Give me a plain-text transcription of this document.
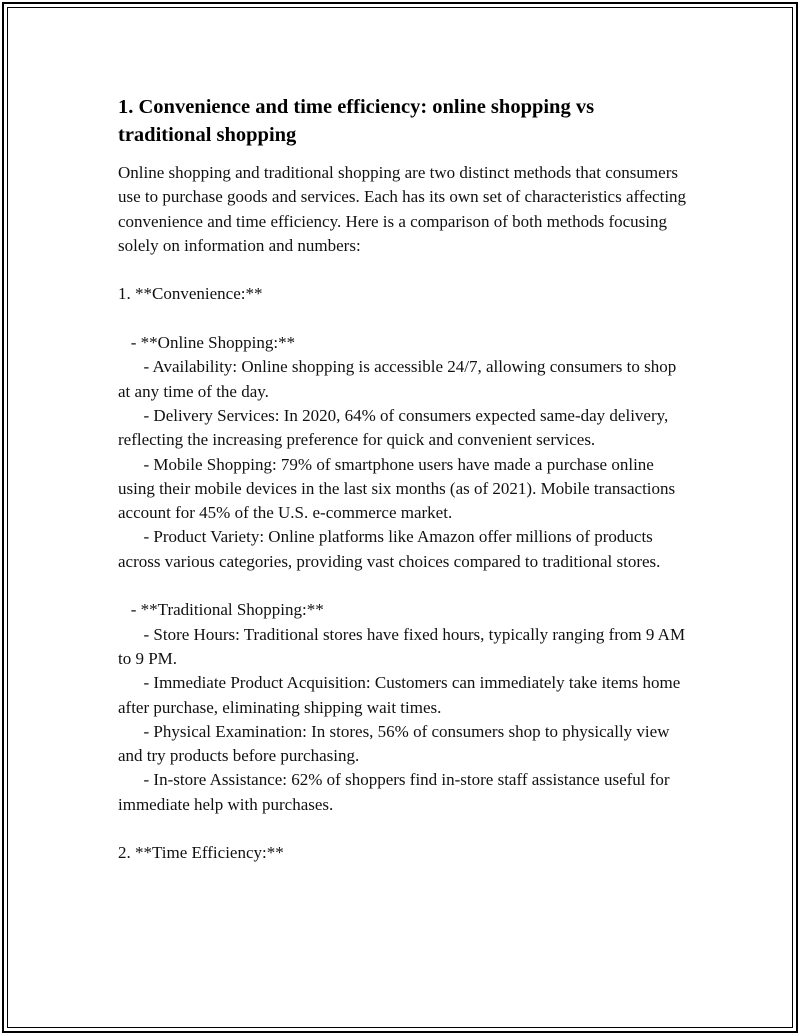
1. Convenience and time efficiency: online shopping vs traditional shopping
Online shopping and traditional shopping are two distinct methods that consumers use to purchase goods and services. Each has its own set of characteristics affecting convenience and time efficiency. Here is a comparison of both methods focusing solely on information and numbers:

1. **Convenience:**

- **Online Shopping:**
- Availability: Online shopping is accessible 24/7, allowing consumers to shop at any time of the day.
- Delivery Services: In 2020, 64% of consumers expected same-day delivery, reflecting the increasing preference for quick and convenient services.
- Mobile Shopping: 79% of smartphone users have made a purchase online using their mobile devices in the last six months (as of 2021). Mobile transactions account for 45% of the U.S. e-commerce market.
- Product Variety: Online platforms like Amazon offer millions of products across various categories, providing vast choices compared to traditional stores.

- **Traditional Shopping:**
- Store Hours: Traditional stores have fixed hours, typically ranging from 9 AM to 9 PM.
- Immediate Product Acquisition: Customers can immediately take items home after purchase, eliminating shipping wait times.
- Physical Examination: In stores, 56% of consumers shop to physically view and try products before purchasing.
- In-store Assistance: 62% of shoppers find in-store staff assistance useful for immediate help with purchases.

2. **Time Efficiency:**
